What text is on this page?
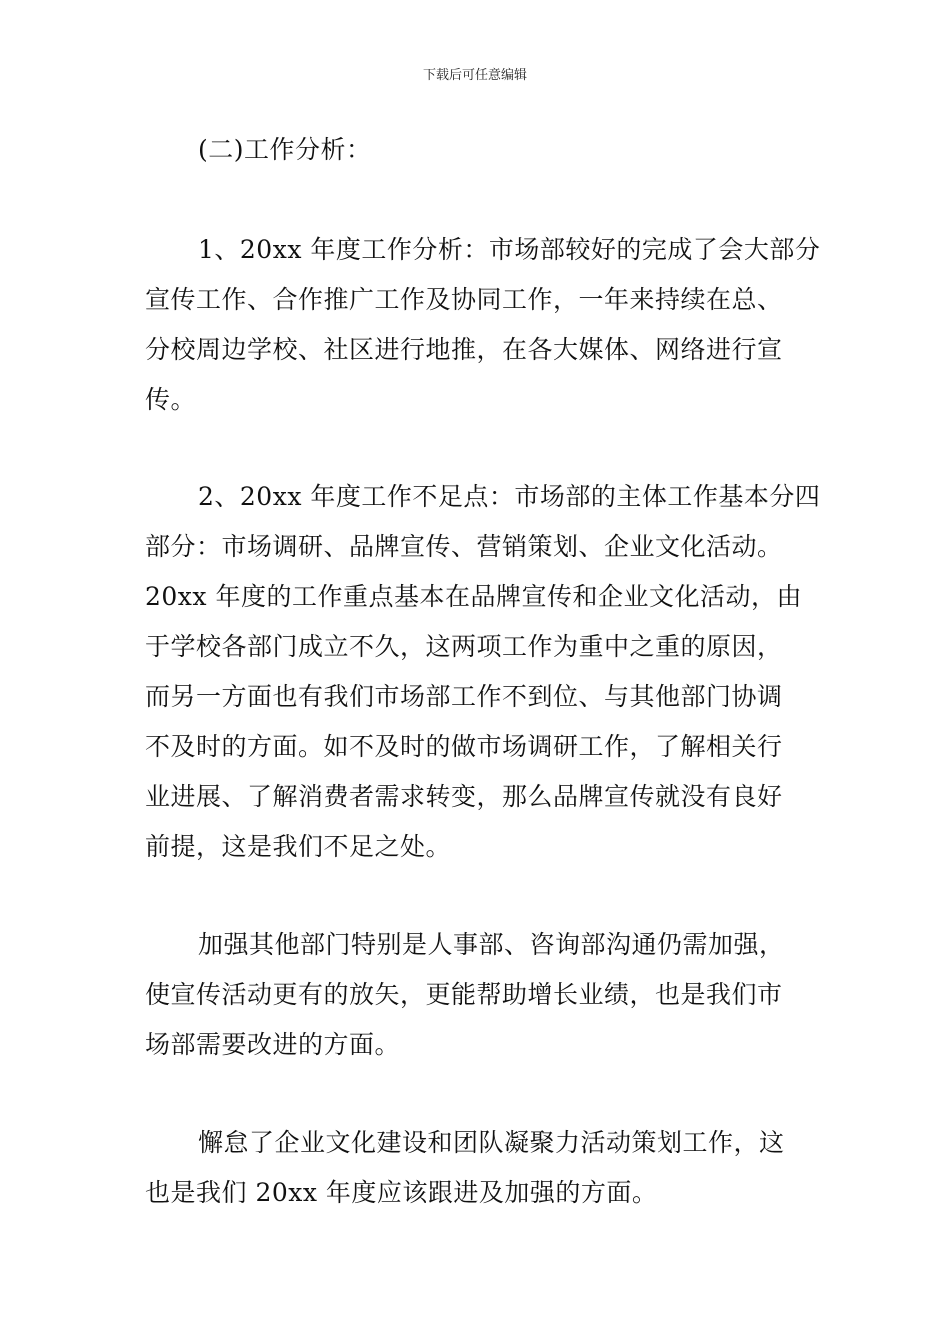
下载后可任意编辑
(二)工作分析：
1、20xx 年度工作分析：市场部较好的完成了会大部分
宣传工作、合作推广工作及协同工作，一年来持续在总、
分校周边学校、社区进行地推，在各大媒体、网络进行宣
传。
2、20xx 年度工作不足点：市场部的主体工作基本分四
部分：市场调研、品牌宣传、营销策划、企业文化活动。
20xx 年度的工作重点基本在品牌宣传和企业文化活动，由
于学校各部门成立不久，这两项工作为重中之重的原因，
而另一方面也有我们市场部工作不到位、与其他部门协调
不及时的方面。如不及时的做市场调研工作，了解相关行
业进展、了解消费者需求转变，那么品牌宣传就没有良好
前提，这是我们不足之处。
加强其他部门特别是人事部、咨询部沟通仍需加强，
使宣传活动更有的放矢，更能帮助增长业绩，也是我们市
场部需要改进的方面。
懈怠了企业文化建设和团队凝聚力活动策划工作，这
也是我们 20xx 年度应该跟进及加强的方面。
